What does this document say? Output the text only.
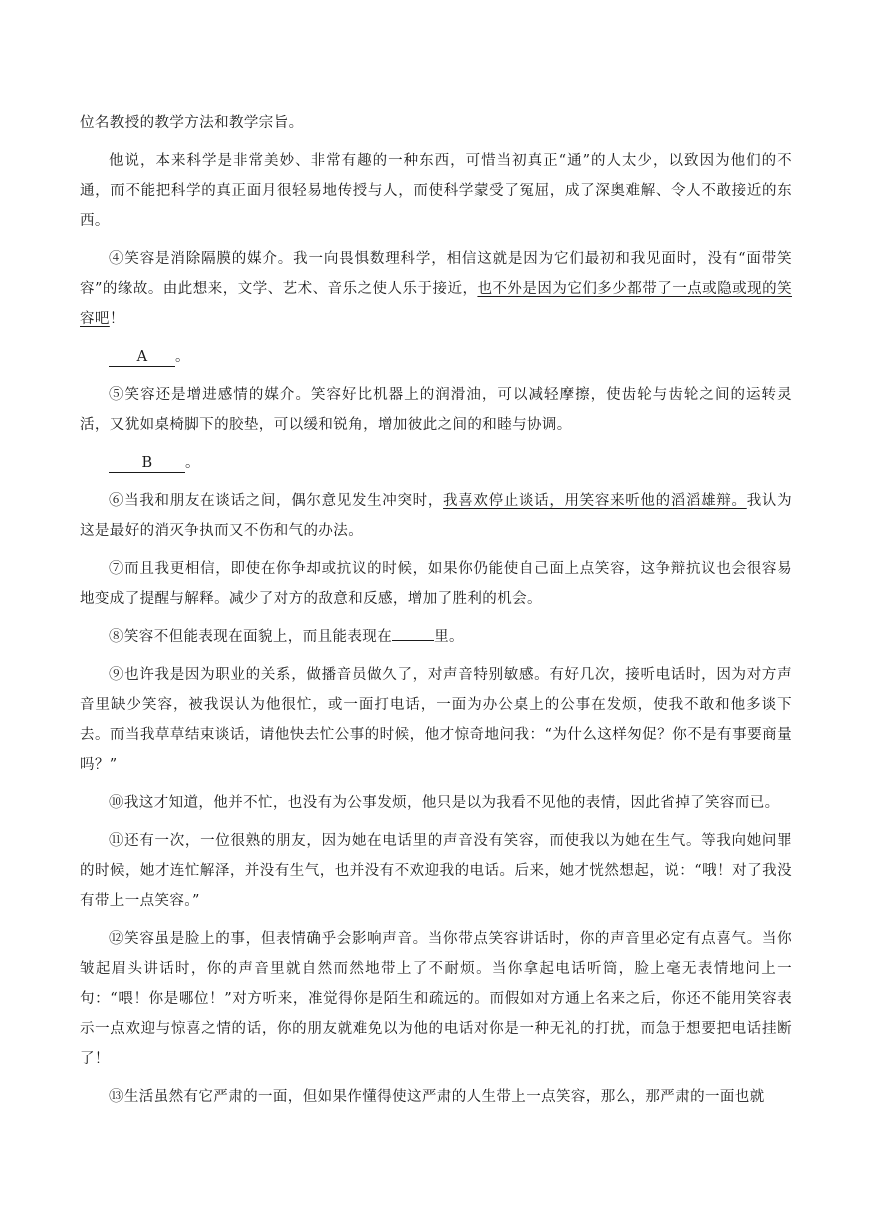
位名教授的教学方法和教学宗旨。

他说，本来科学是非常美妙、非常有趣的一种东西，可惜当初真正“通”的人太少，以致因为他们的不通，而不能把科学的真正面月很轻易地传授与人，而使科学蒙受了冤屈，成了深奥难解、令人不敢接近的东西。

④笑容是消除隔膜的媒介。我一向畏惧数理科学，相信这就是因为它们最初和我见面时，没有“面带笑容”的缘故。由此想来，文学、艺术、音乐之使人乐于接近，也不外是因为它们多少都带了一点或隐或现的笑容吧！

A 。

⑤笑容还是增进感情的媒介。笑容好比机器上的润滑油，可以减轻摩擦，使齿轮与齿轮之间的运转灵活，又犹如桌椅脚下的胶垫，可以缓和锐角，增加彼此之间的和睦与协调。

B 。

⑥当我和朋友在谈话之间，偶尔意见发生冲突时，我喜欢停止谈话，用笑容来听他的滔滔雄辩。我认为这是最好的消灭争执而又不伤和气的办法。

⑦而且我更相信，即使在你争却或抗议的时候，如果你仍能使自己面上点笑容，这争辩抗议也会很容易地变成了提醒与解释。减少了对方的敌意和反感，增加了胜利的机会。

⑧笑容不但能表现在面貌上，而且能表现在	里。

⑨也许我是因为职业的关系，做播音员做久了，对声音特别敏感。有好几次，接听电话时，因为对方声音里缺少笑容，被我误认为他很忙，或一面打电话，一面为办公桌上的公事在发烦，使我不敢和他多谈下去。而当我草草结束谈话，请他快去忙公事的时候，他才惊奇地问我：“为什么这样匆促？你不是有事要商量吗？”

⑩我这才知道，他并不忙，也没有为公事发烦，他只是以为我看不见他的表情，因此省掉了笑容而已。

⑪还有一次，一位很熟的朋友，因为她在电话里的声音没有笑容，而使我以为她在生气。等我向她问罪的时候，她才连忙解泽，并没有生气，也并没有不欢迎我的电话。后来，她才恍然想起，说：“哦！对了我没有带上一点笑容。”

⑫笑容虽是脸上的事，但表情确乎会影响声音。当你带点笑容讲话时，你的声音里必定有点喜气。当你皱起眉头讲话时，你的声音里就自然而然地带上了不耐烦。当你拿起电话听筒，脸上毫无表情地问上一句：“喂！你是哪位！”对方听来，准觉得你是陌生和疏远的。而假如对方通上名来之后，你还不能用笑容表示一点欢迎与惊喜之情的话，你的朋友就难免以为他的电话对你是一种无礼的打扰，而急于想要把电话挂断了！

⑬生活虽然有它严肃的一面，但如果作懂得使这严肃的人生带上一点笑容，那么，那严肃的一面也就
